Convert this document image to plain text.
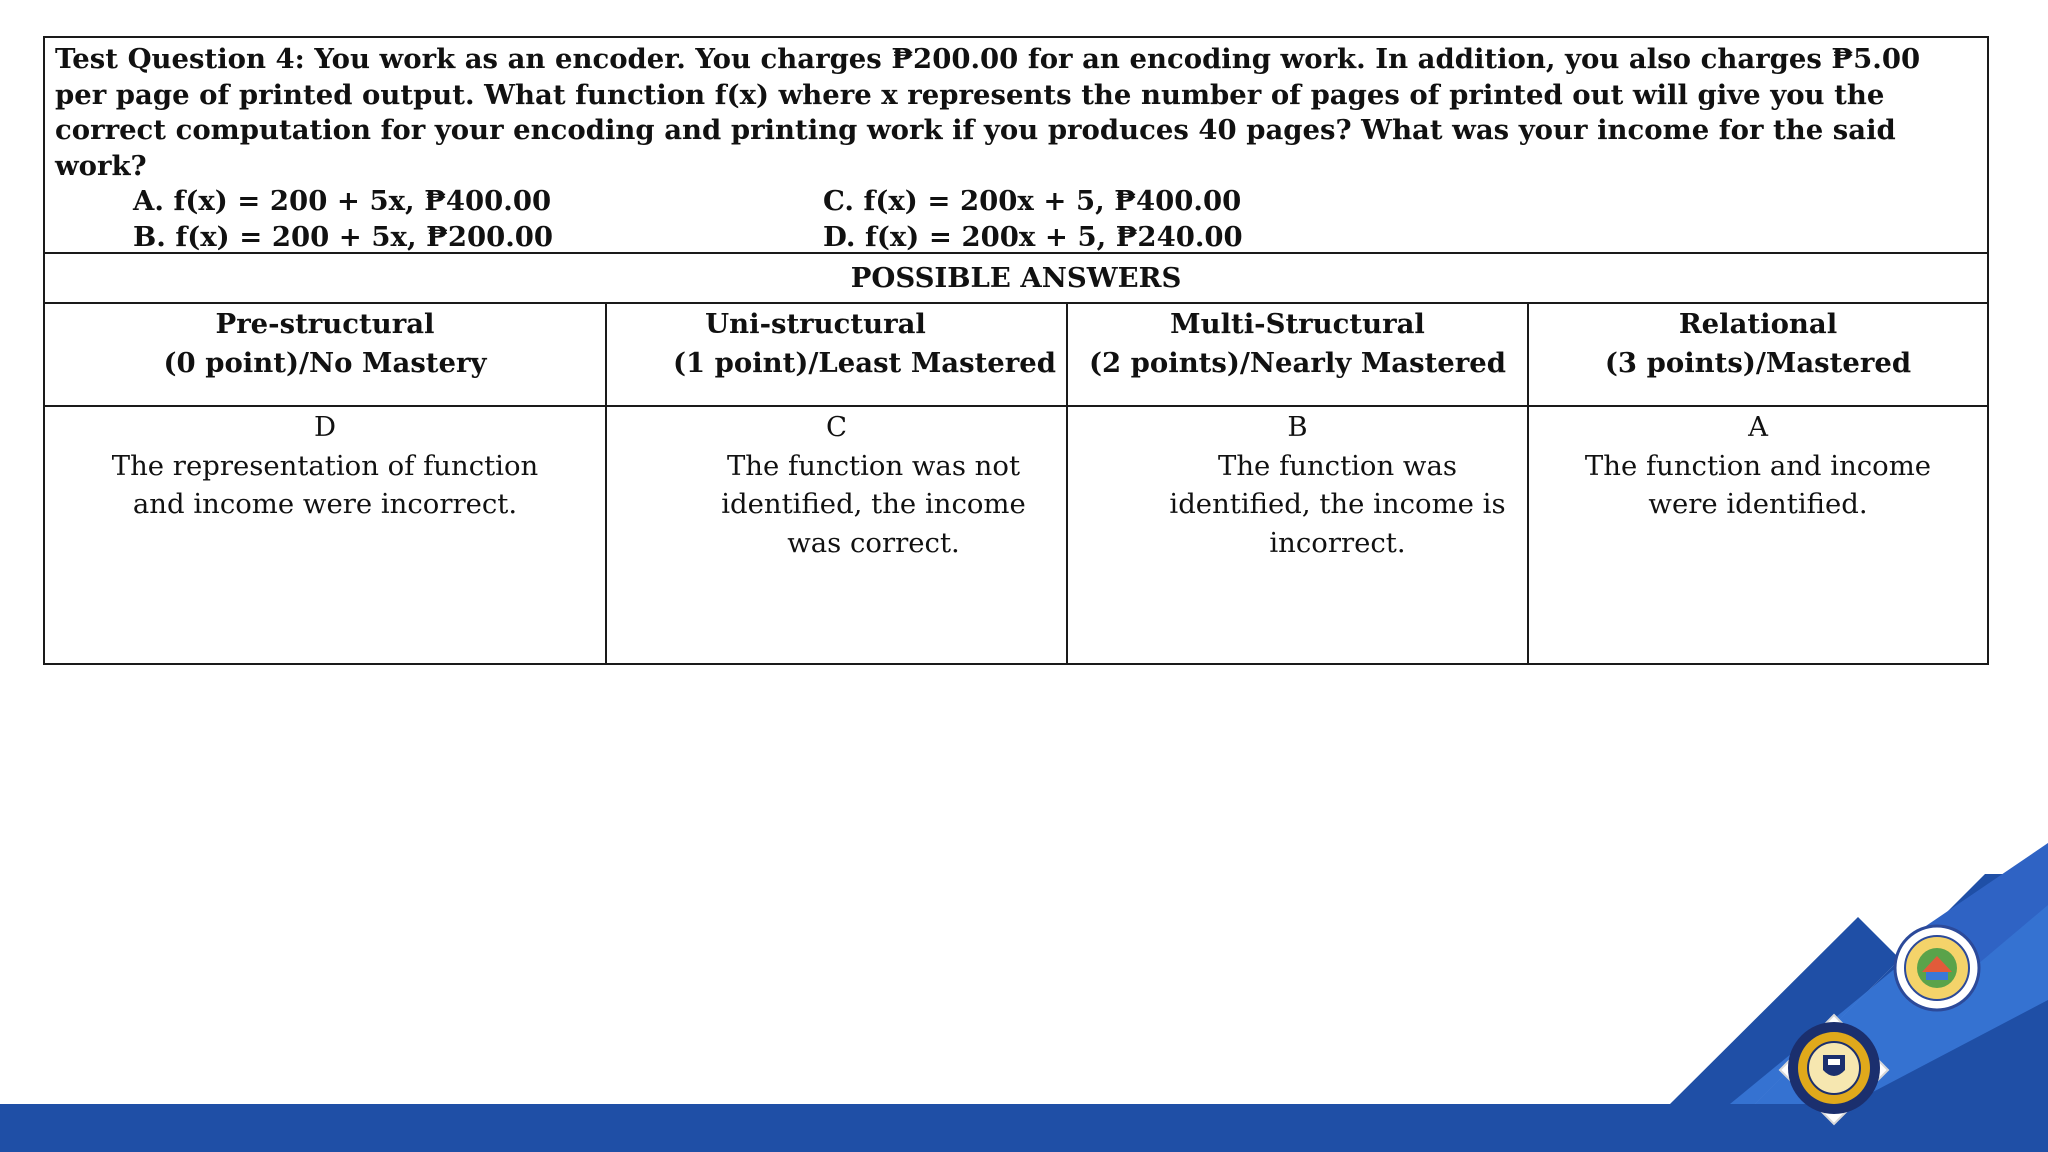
Test Question 4: You work as an encoder. You charges ₱200.00 for an encoding work. In addition, you also charges ₱5.00 per page of printed output. What function f(x) where x represents the number of pages of printed out will give you the correct computation for your encoding and printing work if you produces 40 pages? What was your income for the said work?

A. f(x) = 200 + 5x, ₱400.00	C. f(x) = 200x + 5, ₱400.00
B. f(x) = 200 + 5x, ₱200.00	D. f(x) = 200x + 5, ₱240.00
POSSIBLE ANSWERS
Pre-structural
(0 point)/No Mastery
Uni-structural
(1 point)/Least Mastered
Multi-Structural
(2 points)/Nearly Mastered
Relational
(3 points)/Mastered
D
The representation of function and income were incorrect.
C
The function was not identified, the income was correct.
B
The function was identified, the income is incorrect.
A
The function and income were identified.
